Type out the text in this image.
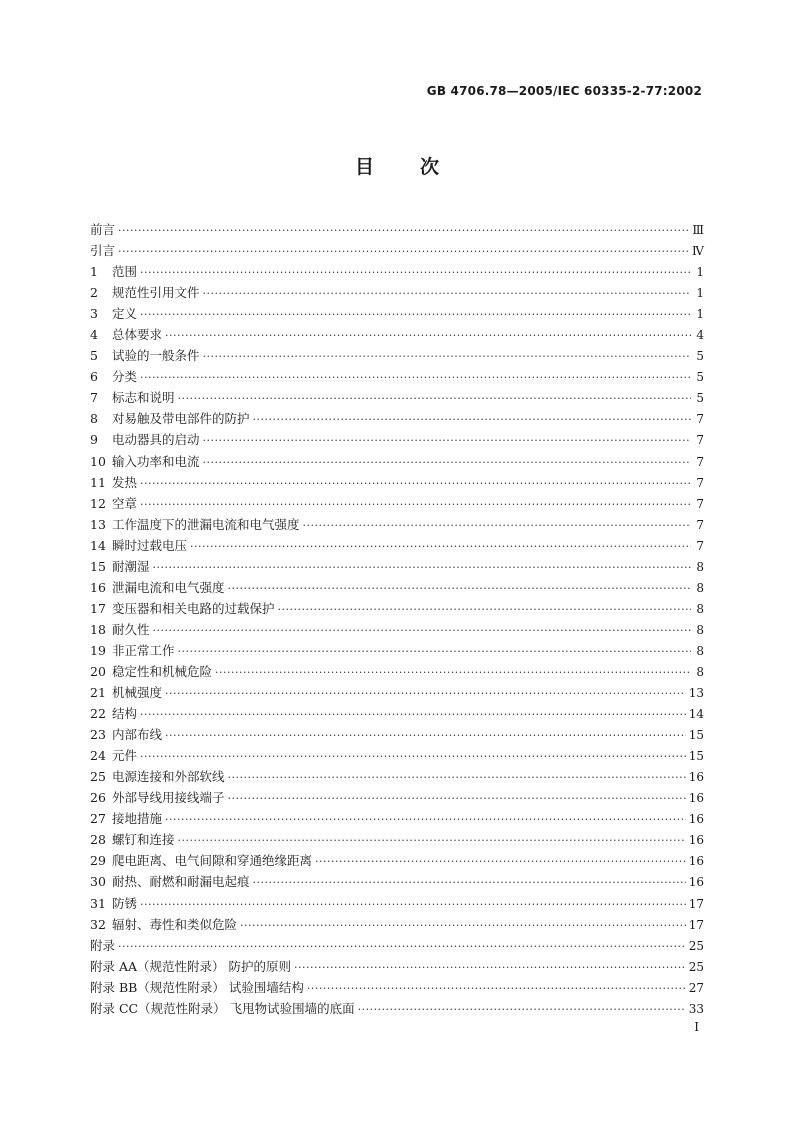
GB 4706.78—2005/IEC 60335-2-77:2002
目 次
前言 ·····	Ⅲ
引言 ·····	Ⅳ
1	范围 ·····	1
2	规范性引用文件 ·····	1
3	定义 ·····	1
4	总体要求 ·····	4
5	试验的一般条件 ·····	5
6	分类 ·····	5
7	标志和说明 ·····	5
8	对易触及带电部件的防护 ·····	7
9	电动器具的启动 ·····	7
10 输入功率和电流 ·····	7
11 发热 ·····	7
12 空章 ·····	7
13 工作温度下的泄漏电流和电气强度 ·····	7
14 瞬时过载电压 ·····	7
15 耐潮湿 ·····	8
16 泄漏电流和电气强度 ·····	8
17 变压器和相关电路的过载保护 ·····	8
18 耐久性 ·····	8
19 非正常工作 ·····	8
20 稳定性和机械危险 ·····	8
21 机械强度 ·····	13
22 结构 ·····	14
23 内部布线 ·····	15
24 元件 ·····	15
25 电源连接和外部软线 ·····	16
26 外部导线用接线端子 ·····	16
27 接地措施 ·····	16
28 螺钉和连接 ·····	16
29 爬电距离、电气间隙和穿通绝缘距离 ·····	16
30 耐热、耐燃和耐漏电起痕 ·····	16
31 防锈 ·····	17
32 辐射、毒性和类似危险 ·····	17
附录 ·····	25
附录 AA（规范性附录） 防护的原则 ·····	25
附录 BB（规范性附录） 试验围墙结构 ·····	27
附录 CC（规范性附录） 飞甩物试验围墙的底面 ·····	33
I
